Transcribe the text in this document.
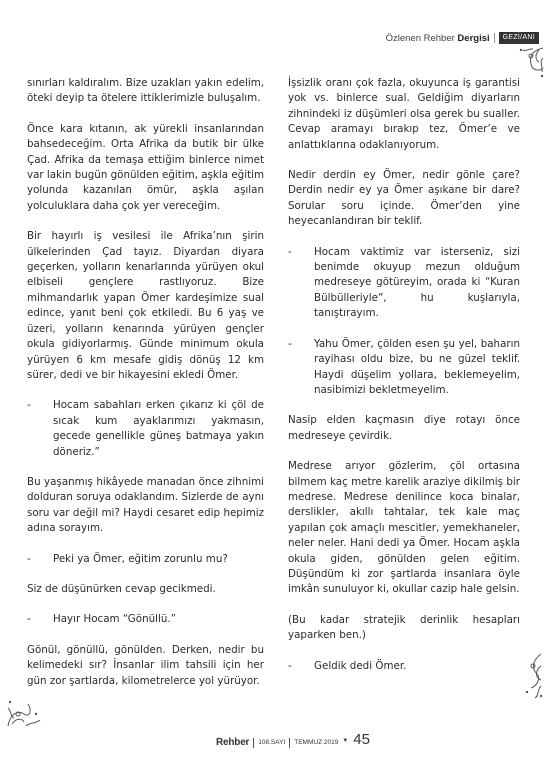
Özlenen Rehber Dergisi	GEZİ/ANI

sınırları kaldıralım. Bize uzakları yakın edelim, öteki deyip ta ötelere ittiklerimizle buluşalım.

Önce kara kıtanın, ak yürekli insanlarından bahsedeceğim. Orta Afrika da butik bir ülke Çad. Afrika da temaşa ettiğim binlerce nimet var lakin bugün gönülden eğitim, aşkla eğitim yolunda kazanılan ömür, aşkla aşılan yolculuklara daha çok yer vereceğim.

Bir hayırlı iş vesilesi ile Afrika’nın şirin ülkelerinden Çad tayız. Diyardan diyara geçerken, yolların kenarlarında yürüyen okul elbiseli gençlere rastlıyoruz. Bize mihmandarlık yapan Ömer kardeşimize sual edince, yanıt beni çok etkiledi. Bu 6 yaş ve üzeri, yolların kenarında yürüyen gençler okula gidiyorlarmış. Günde minimum okula yürüyen 6 km mesafe gidiş dönüş 12 km sürer, dedi ve bir hikayesini ekledi Ömer.

-	Hocam sabahları erken çıkarız ki çöl de sıcak kum ayaklarımızı yakmasın, gecede genellikle güneş batmaya yakın döneriz.”

Bu yaşanmış hikâyede manadan önce zihnimi dolduran soruya odaklandım. Sizlerde de aynı soru var değil mi? Haydi cesaret edip hepimiz adına sorayım.

-	Peki ya Ömer, eğitim zorunlu mu?

Siz de düşünürken cevap gecikmedi.

-	Hayır Hocam “Gönüllü.”

Gönül, gönüllü, gönülden. Derken, nedir bu kelimedeki sır? İnsanlar ilim tahsili için her gün zor şartlarda, kilometrelerce yol yürüyor.

İşsizlik oranı çok fazla, okuyunca iş garantisi yok vs. binlerce sual. Geldiğim diyarların zihnindeki iz düşümleri olsa gerek bu sualler. Cevap aramayı bırakıp tez, Ömer’e ve anlattıklarına odaklanıyorum.

Nedir derdin ey Ömer, nedir gönle çare? Derdin nedir ey ya Ömer aşıkane bir dare? Sorular soru içinde. Ömer’den yine heyecanlandıran bir teklif.

-	Hocam vaktimiz var isterseniz, sizi benimde okuyup mezun olduğum medreseye götüreyim, orada ki “Kuran Bülbülleriyle”, hu kuşlarıyla, tanıştırayım.

-	Yahu Ömer, çölden esen şu yel, baharın rayihası oldu bize, bu ne güzel teklif. Haydi düşelim yollara, beklemeyelim, nasibimizi bekletmeyelim.

Nasip elden kaçmasın diye rotayı önce medreseye çevirdik.

Medrese arıyor gözlerim, çöl ortasına bilmem kaç metre karelik araziye dikilmiş bir medrese. Medrese denilince koca binalar, derslikler, akıllı tahtalar, tek kale maç yapılan çok amaçlı mescitler, yemekhaneler, neler neler. Hani dedi ya Ömer. Hocam aşkla okula giden, gönülden gelen eğitim. Düşündüm ki zor şartlarda insanlara öyle imkân sunuluyor ki, okullar cazip hale gelsin.

(Bu kadar stratejik derinlik hesapları yaparken ben.)

-	Geldik dedi Ömer.

Rehber 108.SAYI TEMMUZ 2019 ▼ 45
